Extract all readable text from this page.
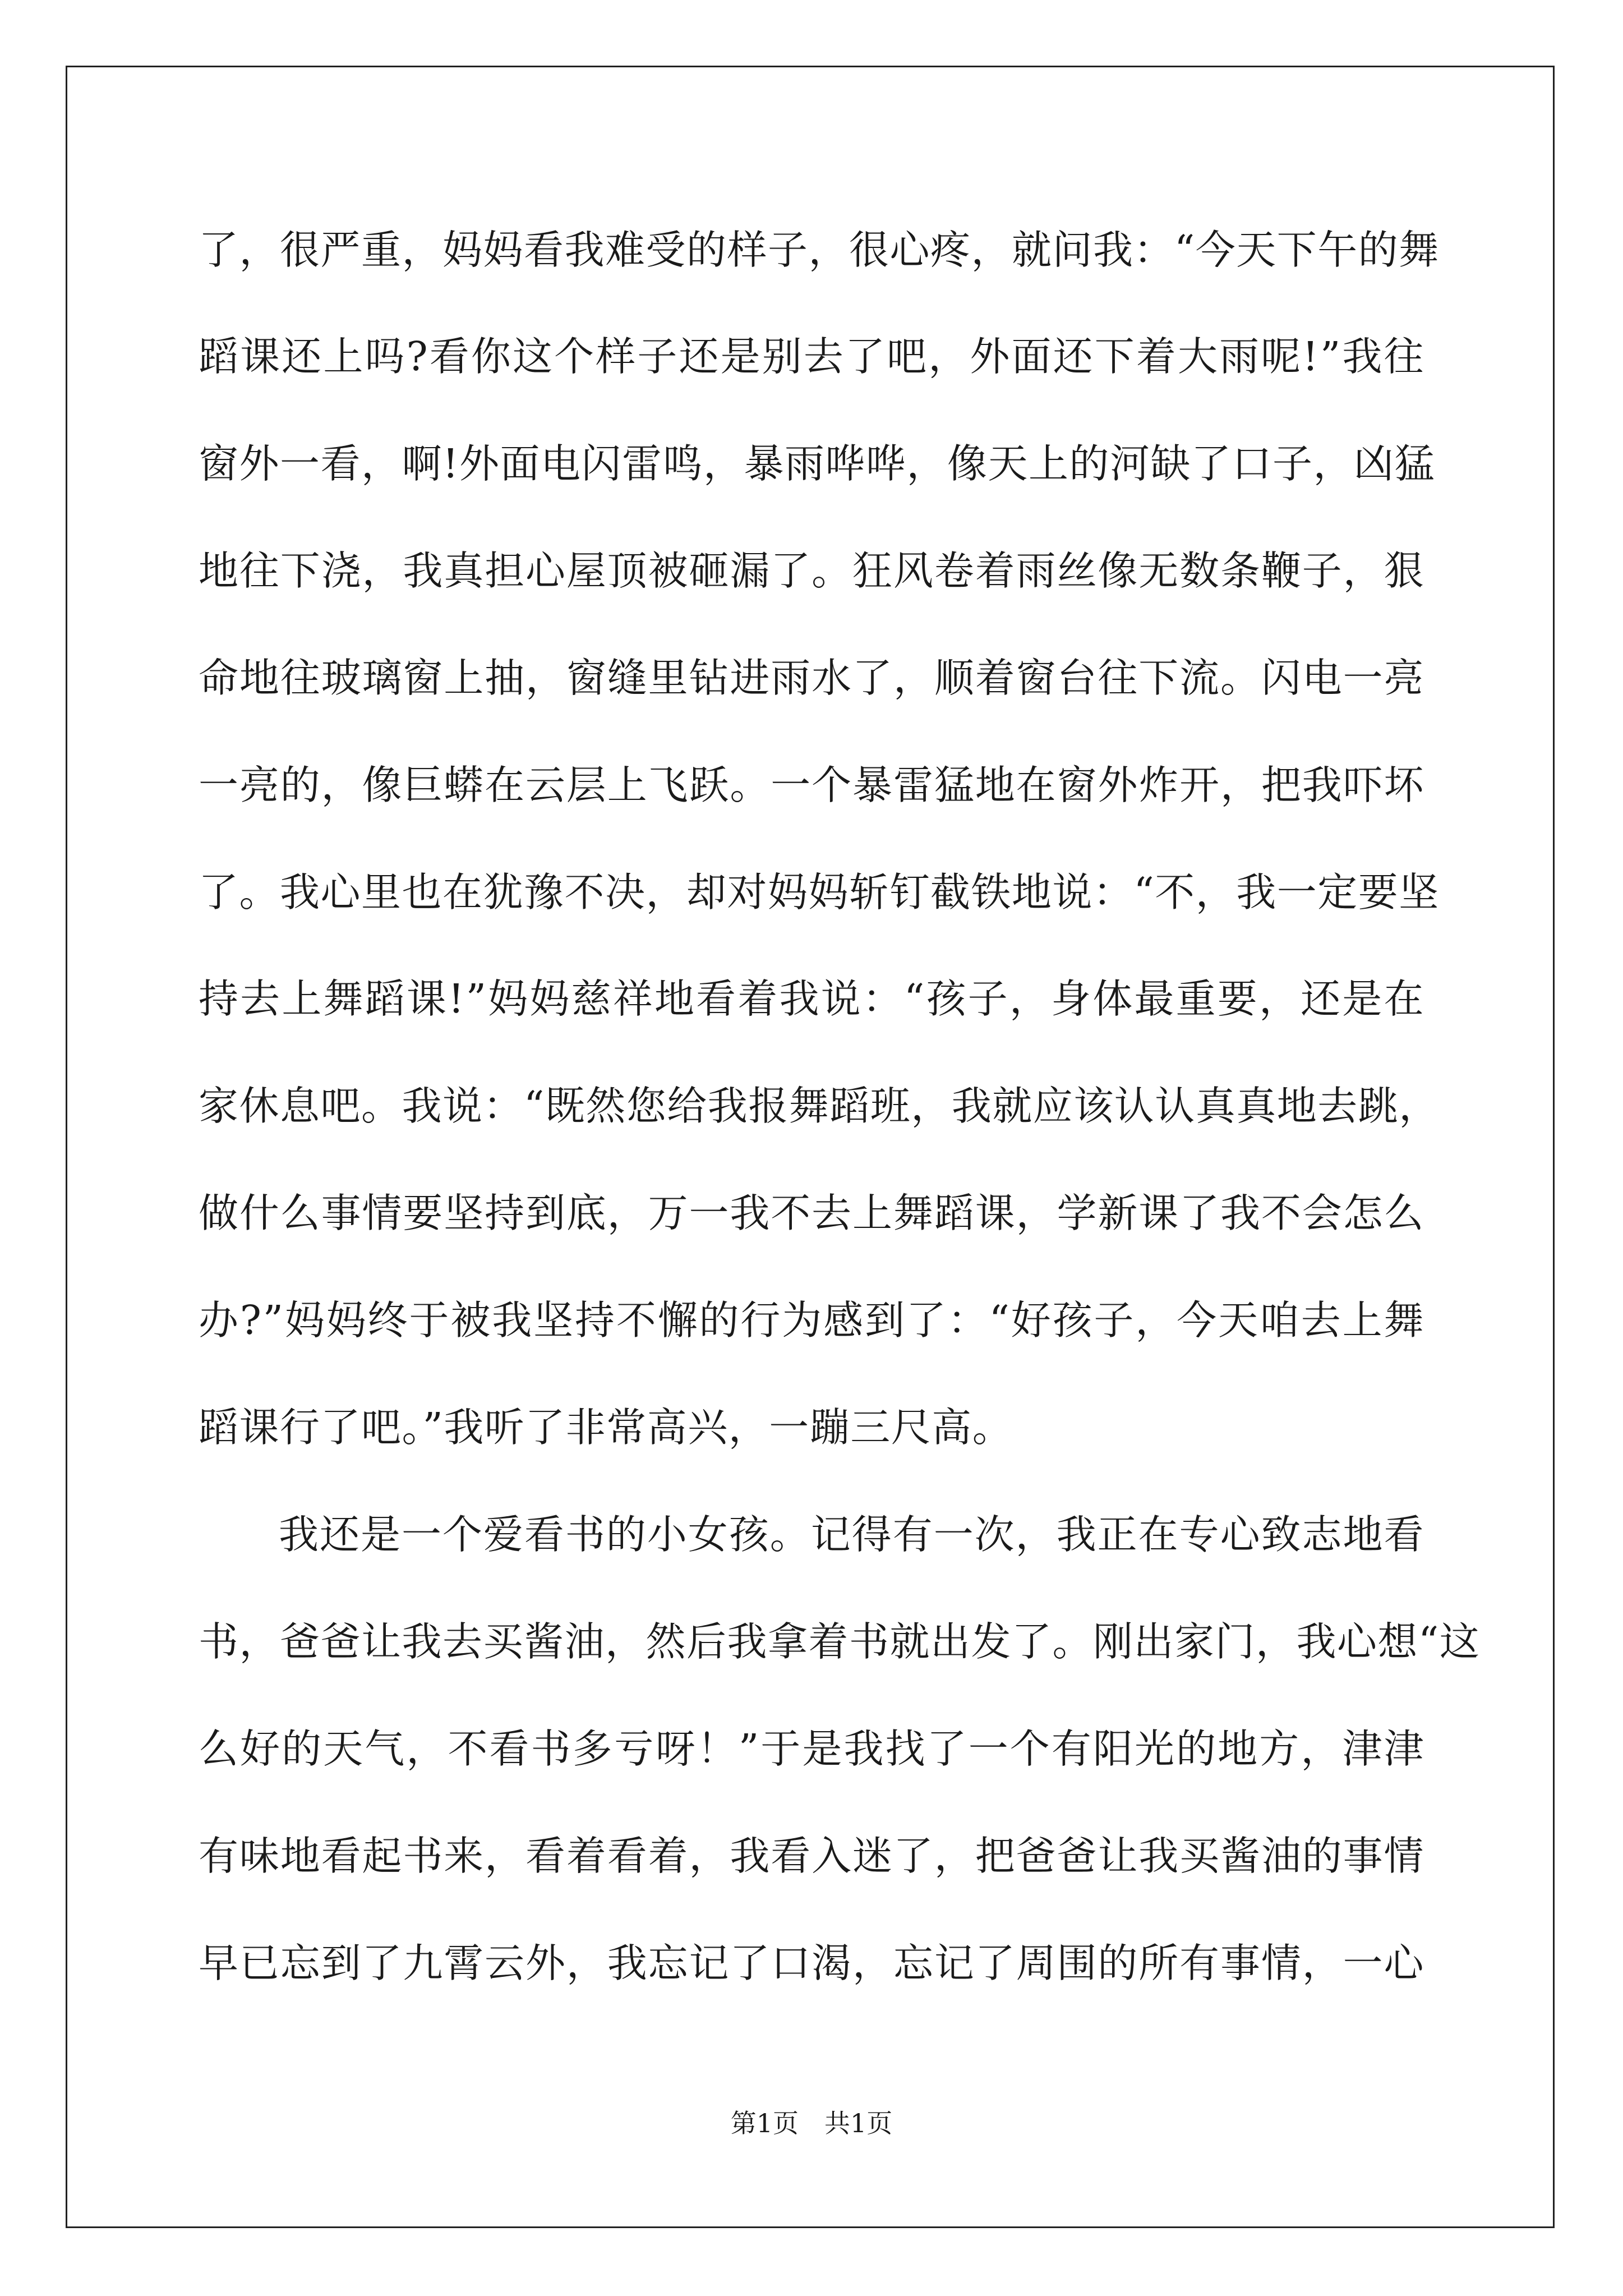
了，很严重，妈妈看我难受的样子，很心疼，就问我：“今天下午的舞
蹈课还上吗?看你这个样子还是别去了吧，外面还下着大雨呢!”我往
窗外一看，啊!外面电闪雷鸣，暴雨哗哗，像天上的河缺了口子，凶猛
地往下浇，我真担心屋顶被砸漏了。狂风卷着雨丝像无数条鞭子，狠
命地往玻璃窗上抽，窗缝里钻进雨水了，顺着窗台往下流。闪电一亮
一亮的，像巨蟒在云层上飞跃。一个暴雷猛地在窗外炸开，把我吓坏
了。我心里也在犹豫不决，却对妈妈斩钉截铁地说：“不，我一定要坚
持去上舞蹈课!”妈妈慈祥地看着我说：“孩子，身体最重要，还是在
家休息吧。我说：“既然您给我报舞蹈班，我就应该认认真真地去跳，
做什么事情要坚持到底，万一我不去上舞蹈课，学新课了我不会怎么
办?”妈妈终于被我坚持不懈的行为感到了：“好孩子，今天咱去上舞
蹈课行了吧。”我听了非常高兴，一蹦三尺高。
我还是一个爱看书的小女孩。记得有一次，我正在专心致志地看
书，爸爸让我去买酱油，然后我拿着书就出发了。刚出家门，我心想“这
么好的天气，不看书多亏呀！”于是我找了一个有阳光的地方，津津
有味地看起书来，看着看着，我看入迷了，把爸爸让我买酱油的事情
早已忘到了九霄云外，我忘记了口渴，忘记了周围的所有事情，一心
第1页　共1页
